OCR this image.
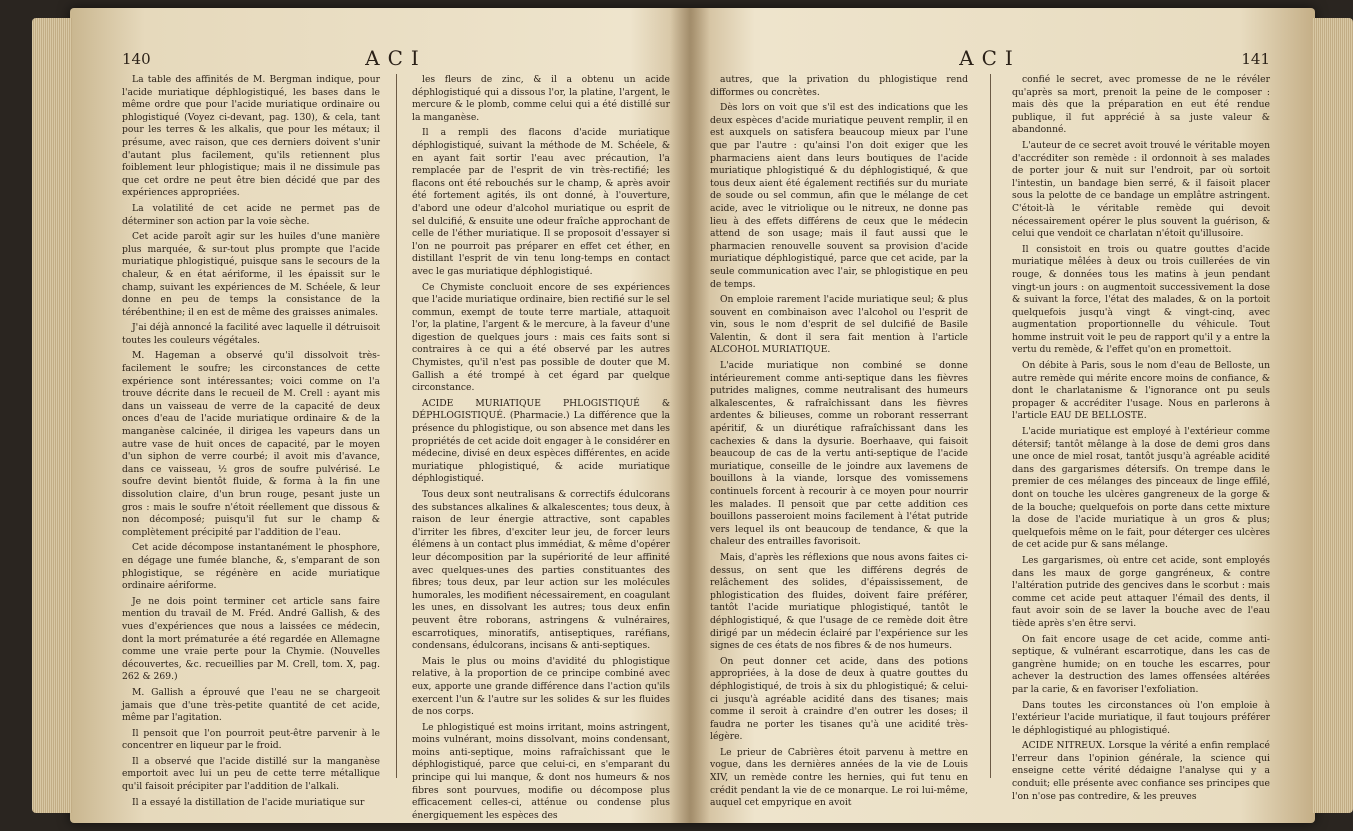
140	ACI

La table des affinités de M. Bergman indique, pour l'acide muriatique déphlogistiqué, les bases dans le même ordre que pour l'acide muriatique ordinaire ou phlogistiqué (Voyez ci-devant, pag. 130), & cela, tant pour les terres & les alkalis, que pour les métaux; il présume, avec raison, que ces derniers doivent s'unir d'autant plus facilement, qu'ils retiennent plus foiblement leur phlogistique; mais il ne dissimule pas que cet ordre ne peut être bien décidé que par des expériences appropriées.

La volatilité de cet acide ne permet pas de déterminer son action par la voie sèche.

Cet acide paroît agir sur les huiles d'une manière plus marquée, & sur-tout plus prompte que l'acide muriatique phlogistiqué, puisque sans le secours de la chaleur, & en état aériforme, il les épaissit sur le champ, suivant les expériences de M. Schéele, & leur donne en peu de temps la consistance de la térébenthine; il en est de même des graisses animales.

J'ai déjà annoncé la facilité avec laquelle il détruisoit toutes les couleurs végétales.

M. Hageman a observé qu'il dissolvoit très-facilement le soufre; les circonstances de cette expérience sont intéressantes; voici comme on l'a trouve décrite dans le recueil de M. Crell : ayant mis dans un vaisseau de verre de la capacité de deux onces d'eau de l'acide muriatique ordinaire & de la manganèse calcinée, il dirigea les vapeurs dans un autre vase de huit onces de capacité, par le moyen d'un siphon de verre courbé; il avoit mis d'avance, dans ce vaisseau, ½ gros de soufre pulvérisé. Le soufre devint bientôt fluide, & forma à la fin une dissolution claire, d'un brun rouge, pesant juste un gros : mais le soufre n'étoit réellement que dissous & non décomposé; puisqu'il fut sur le champ & complètement précipité par l'addition de l'eau.

Cet acide décompose instantanément le phosphore, en dégage une fumée blanche, &, s'emparant de son phlogistique, se régénère en acide muriatique ordinaire aériforme.

Je ne dois point terminer cet article sans faire mention du travail de M. Fréd. André Gallish, & des vues d'expériences que nous a laissées ce médecin, dont la mort prématurée a été regardée en Allemagne comme une vraie perte pour la Chymie. (Nouvelles découvertes, &c. recueillies par M. Crell, tom. X, pag. 262 & 269.)

M. Gallish a éprouvé que l'eau ne se chargeoit jamais que d'une très-petite quantité de cet acide, même par l'agitation.

Il pensoit que l'on pourroit peut-être parvenir à le concentrer en liqueur par le froid.

Il a observé que l'acide distillé sur la manganèse emportoit avec lui un peu de cette terre métallique qu'il faisoit précipiter par l'addition de l'alkali.

Il a essayé la distillation de l'acide muriatique sur

les fleurs de zinc, & il a obtenu un acide déphlogistiqué qui a dissous l'or, la platine, l'argent, le mercure & le plomb, comme celui qui a été distillé sur la manganèse.

Il a rempli des flacons d'acide muriatique déphlogistiqué, suivant la méthode de M. Schéele, & en ayant fait sortir l'eau avec précaution, l'a remplacée par de l'esprit de vin très-rectifié; les flacons ont été rebouchés sur le champ, & après avoir été fortement agités, ils ont donné, à l'ouverture, d'abord une odeur d'alcohol muriatique ou esprit de sel dulcifié, & ensuite une odeur fraîche approchant de celle de l'éther muriatique. Il se proposoit d'essayer si l'on ne pourroit pas préparer en effet cet éther, en distillant l'esprit de vin tenu long-temps en contact avec le gas muriatique déphlogistiqué.

Ce Chymiste concluoit encore de ses expériences que l'acide muriatique ordinaire, bien rectifié sur le sel commun, exempt de toute terre martiale, attaquoit l'or, la platine, l'argent & le mercure, à la faveur d'une digestion de quelques jours : mais ces faits sont si contraires à ce qui a été observé par les autres Chymistes, qu'il n'est pas possible de douter que M. Gallish a été trompé à cet égard par quelque circonstance.

ACIDE MURIATIQUE PHLOGISTIQUÉ & DÉPHLOGISTIQUÉ. (Pharmacie.) La différence que la présence du phlogistique, ou son absence met dans les propriétés de cet acide doit engager à le considérer en médecine, divisé en deux espèces différentes, en acide muriatique phlogistiqué, & acide muriatique déphlogistiqué.

Tous deux sont neutralisans & correctifs édulcorans des substances alkalines & alkalescentes; tous deux, à raison de leur énergie attractive, sont capables d'irriter les fibres, d'exciter leur jeu, de forcer leurs élémens à un contact plus immédiat, & même d'opérer leur décomposition par la supériorité de leur affinité avec quelques-unes des parties constituantes des fibres; tous deux, par leur action sur les molécules humorales, les modifient nécessairement, en coagulant les unes, en dissolvant les autres; tous deux enfin peuvent être roborans, astringens & vulnéraires, escarrotiques, minoratifs, antiseptiques, raréfians, condensans, édulcorans, incisans & anti-septiques.

Mais le plus ou moins d'avidité du phlogistique relative, à la proportion de ce principe combiné avec eux, apporte une grande différence dans l'action qu'ils exercent l'un & l'autre sur les solides & sur les fluides de nos corps.

Le phlogistiqué est moins irritant, moins astringent, moins vulnérant, moins dissolvant, moins condensant, moins anti-septique, moins rafraîchissant que le déphlogistiqué, parce que celui-ci, en s'emparant du principe qui lui manque, & dont nos humeurs & nos fibres sont pourvues, modifie ou décompose plus efficacement celles-ci, atténue ou condense plus énergiquement les espèces des

ACI	141

autres, que la privation du phlogistique rend difformes ou concrètes.

Dès lors on voit que s'il est des indications que les deux espèces d'acide muriatique peuvent remplir, il en est auxquels on satisfera beaucoup mieux par l'une que par l'autre : qu'ainsi l'on doit exiger que les pharmaciens aient dans leurs boutiques de l'acide muriatique phlogistiqué & du déphlogistiqué, & que tous deux aient été également rectifiés sur du muriate de soude ou sel commun, afin que le mélange de cet acide, avec le vitriolique ou le nitreux, ne donne pas lieu à des effets différens de ceux que le médecin attend de son usage; mais il faut aussi que le pharmacien renouvelle souvent sa provision d'acide muriatique déphlogistiqué, parce que cet acide, par la seule communication avec l'air, se phlogistique en peu de temps.

On emploie rarement l'acide muriatique seul; & plus souvent en combinaison avec l'alcohol ou l'esprit de vin, sous le nom d'esprit de sel dulcifié de Basile Valentin, & dont il sera fait mention à l'article ALCOHOL MURIATIQUE.

L'acide muriatique non combiné se donne intérieurement comme anti-septique dans les fièvres putrides malignes, comme neutralisant des humeurs alkalescentes, & rafraîchissant dans les fièvres ardentes & bilieuses, comme un roborant resserrant apéritif, & un diurétique rafraîchissant dans les cachexies & dans la dysurie. Boerhaave, qui faisoit beaucoup de cas de la vertu anti-septique de l'acide muriatique, conseille de le joindre aux lavemens de bouillons à la viande, lorsque des vomissemens continuels forcent à recourir à ce moyen pour nourrir les malades. Il pensoit que par cette addition ces bouillons passeroient moins facilement à l'état putride vers lequel ils ont beaucoup de tendance, & que la chaleur des entrailles favorisoit.

Mais, d'après les réflexions que nous avons faites ci-dessus, on sent que les différens degrés de relâchement des solides, d'épaississement, de phlogistication des fluides, doivent faire préférer, tantôt l'acide muriatique phlogistiqué, tantôt le déphlogistiqué, & que l'usage de ce remède doit être dirigé par un médecin éclairé par l'expérience sur les signes de ces états de nos fibres & de nos humeurs.

On peut donner cet acide, dans des potions appropriées, à la dose de deux à quatre gouttes du déphlogistiqué, de trois à six du phlogistiqué; & celui-ci jusqu'à agréable acidité dans des tisanes; mais comme il seroit à craindre d'en outrer les doses; il faudra ne porter les tisanes qu'à une acidité très-légère.

Le prieur de Cabrières étoit parvenu à mettre en vogue, dans les dernières années de la vie de Louis XIV, un remède contre les hernies, qui fut tenu en crédit pendant la vie de ce monarque. Le roi lui-même, auquel cet empyrique en avoit

confié le secret, avec promesse de ne le révéler qu'après sa mort, prenoit la peine de le composer : mais dès que la préparation en eut été rendue publique, il fut apprécié à sa juste valeur & abandonné.

L'auteur de ce secret avoit trouvé le véritable moyen d'accréditer son remède : il ordonnoit à ses malades de porter jour & nuit sur l'endroit, par où sortoit l'intestin, un bandage bien serré, & il faisoit placer sous la pelotte de ce bandage un emplâtre astringent. C'étoit-là le véritable remède qui devoit nécessairement opérer le plus souvent la guérison, & celui que vendoit ce charlatan n'étoit qu'illusoire.

Il consistoit en trois ou quatre gouttes d'acide muriatique mêlées à deux ou trois cuillerées de vin rouge, & données tous les matins à jeun pendant vingt-un jours : on augmentoit successivement la dose & suivant la force, l'état des malades, & on la portoit quelquefois jusqu'à vingt & vingt-cinq, avec augmentation proportionnelle du véhicule. Tout homme instruit voit le peu de rapport qu'il y a entre la vertu du remède, & l'effet qu'on en promettoit.

On débite à Paris, sous le nom d'eau de Belloste, un autre remède qui mérite encore moins de confiance, & dont le charlatanisme & l'ignorance ont pu seuls propager & accréditer l'usage. Nous en parlerons à l'article EAU DE BELLOSTE.

L'acide muriatique est employé à l'extérieur comme détersif; tantôt mêlange à la dose de demi gros dans une once de miel rosat, tantôt jusqu'à agréable acidité dans des gargarismes détersifs. On trempe dans le premier de ces mélanges des pinceaux de linge effilé, dont on touche les ulcères gangreneux de la gorge & de la bouche; quelquefois on porte dans cette mixture la dose de l'acide muriatique à un gros & plus; quelquefois même on le fait, pour déterger ces ulcères de cet acide pur & sans mélange.

Les gargarismes, où entre cet acide, sont employés dans les maux de gorge gangréneux, & contre l'altération putride des gencives dans le scorbut : mais comme cet acide peut attaquer l'émail des dents, il faut avoir soin de se laver la bouche avec de l'eau tiède après s'en être servi.

On fait encore usage de cet acide, comme anti-septique, & vulnérant escarrotique, dans les cas de gangrène humide; on en touche les escarres, pour achever la destruction des lames offensées altérées par la carie, & en favoriser l'exfoliation.

Dans toutes les circonstances où l'on emploie à l'extérieur l'acide muriatique, il faut toujours préférer le déphlogistiqué au phlogistiqué.

ACIDE NITREUX. Lorsque la vérité a enfin remplacé l'erreur dans l'opinion générale, la science qui enseigne cette vérité dédaigne l'analyse qui y a conduit; elle présente avec confiance ses principes que l'on n'ose pas contredire, & les preuves
